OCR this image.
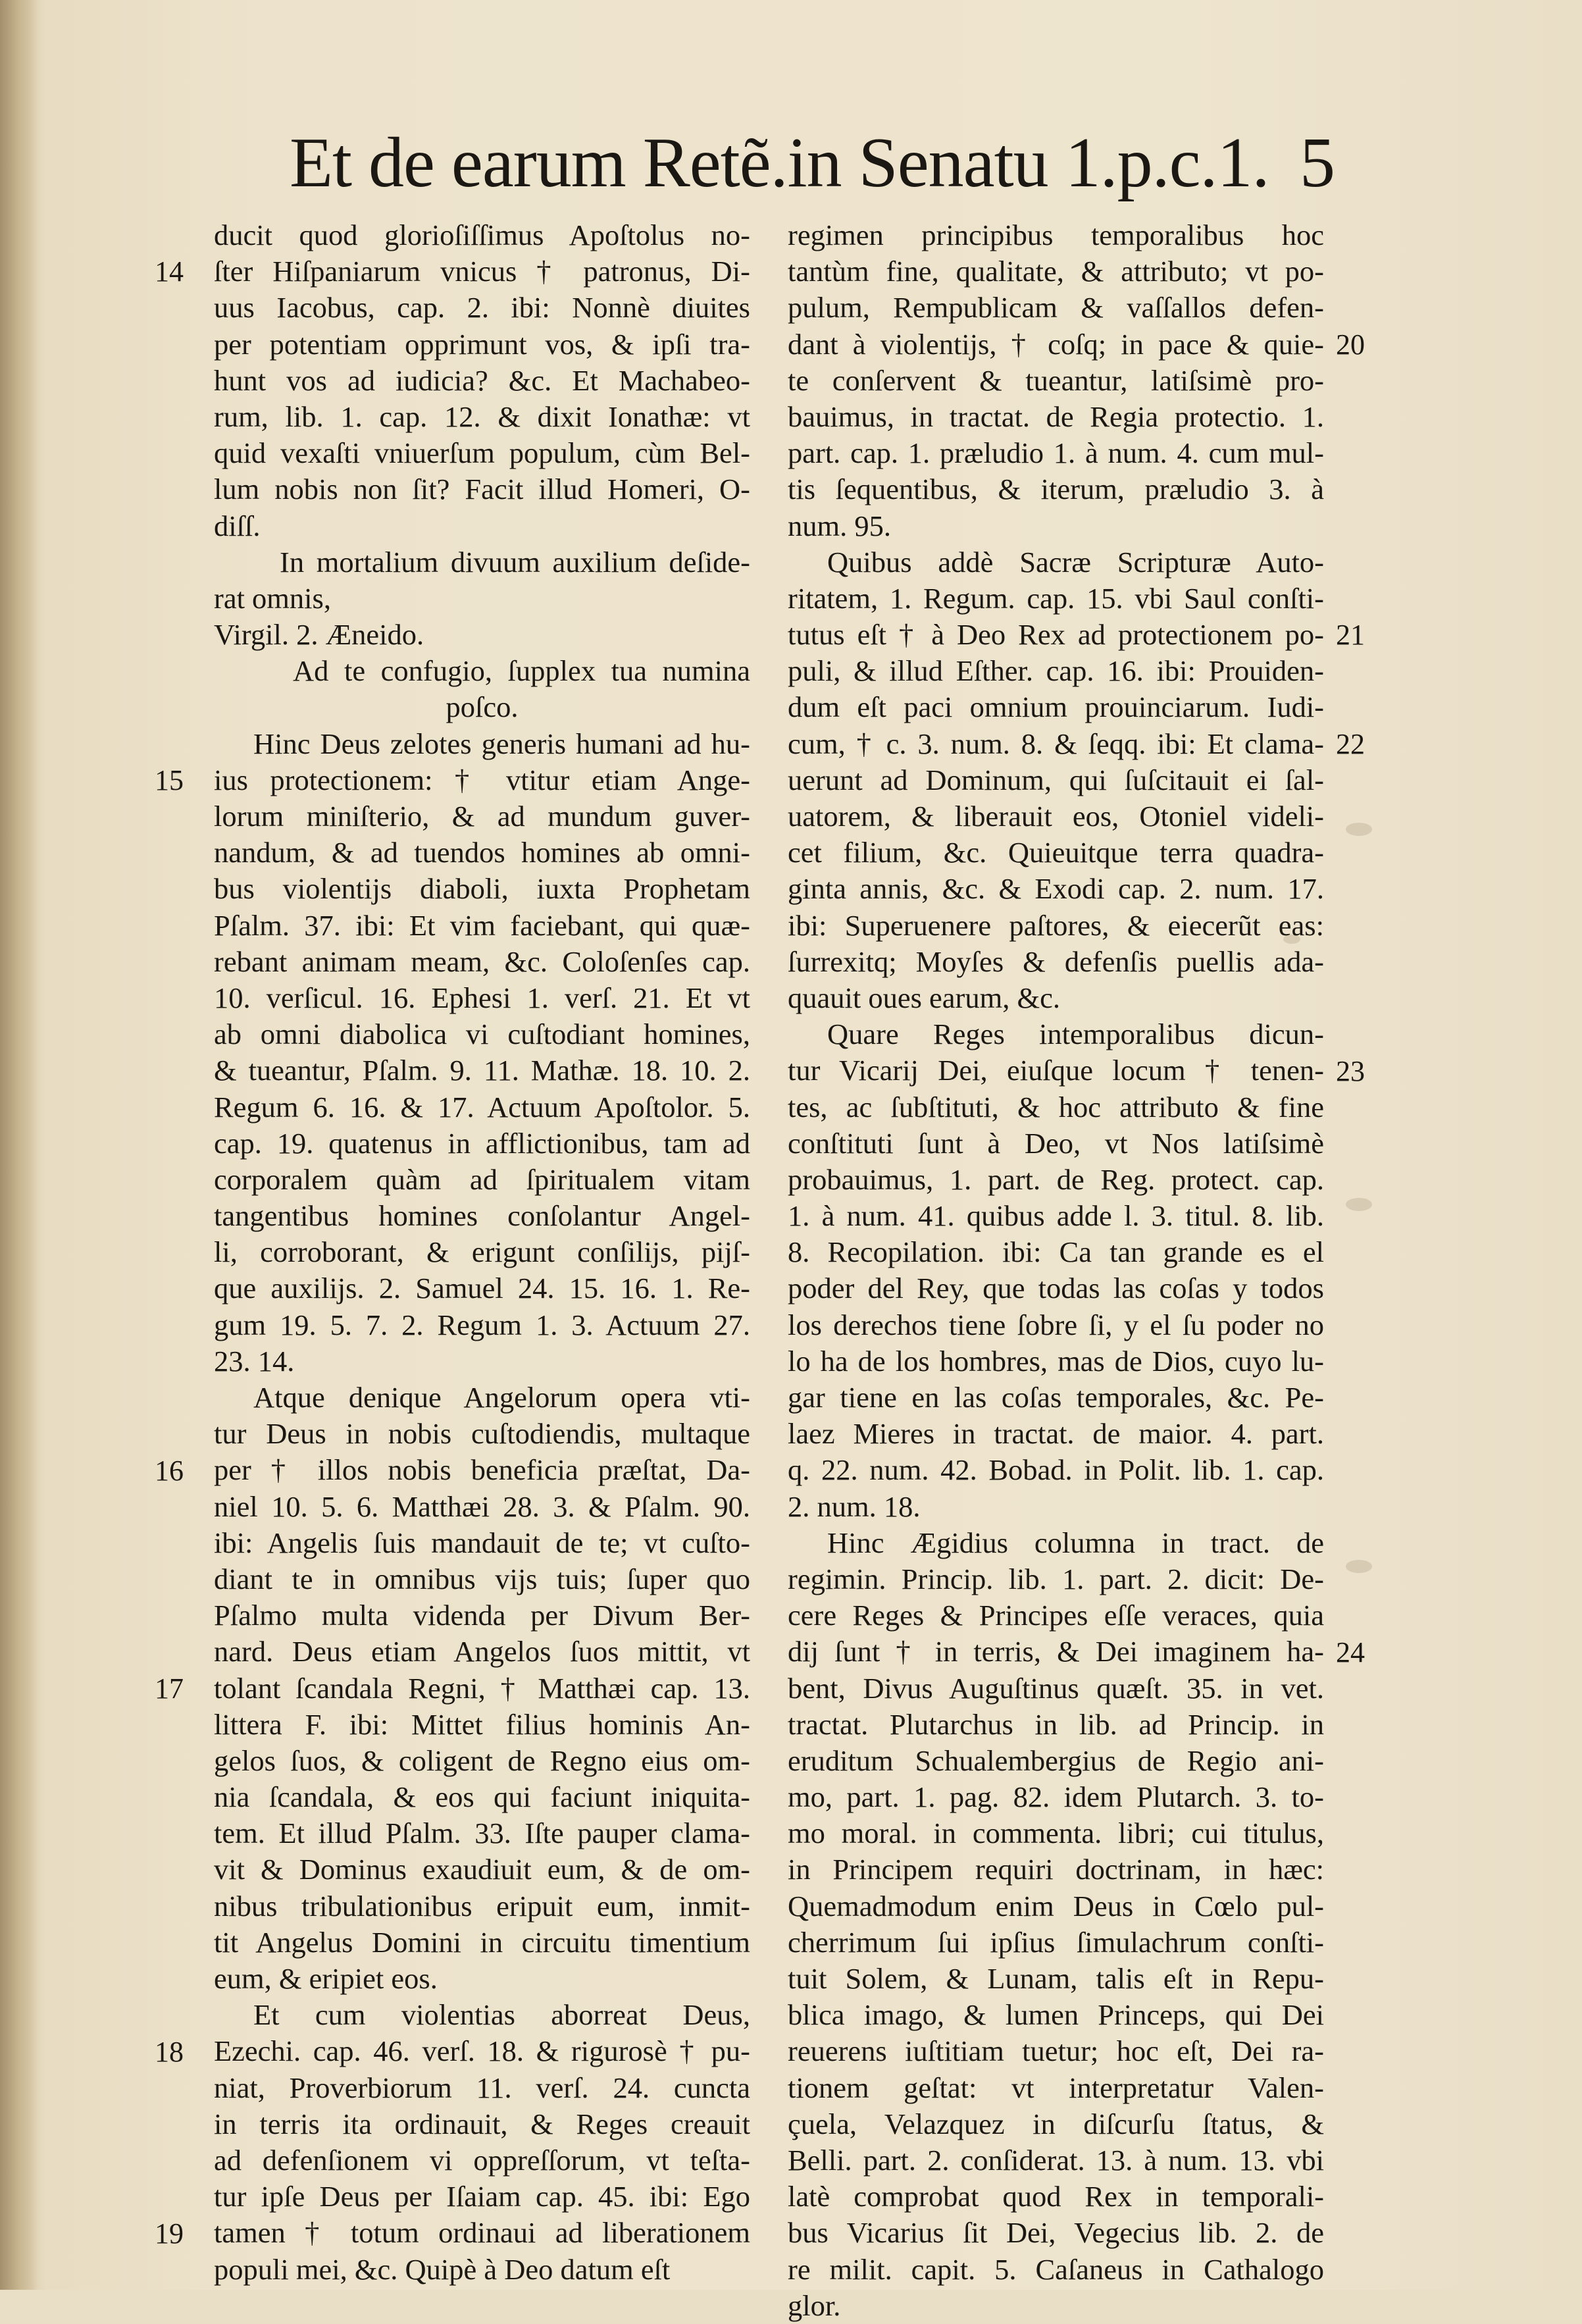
Et de earum Retẽ.in Senatu 1.p.c.1. 5
ducit quod glorioſiſſimus Apoſtolus no-
ſter Hiſpaniarum vnicus † patronus, Di-
uus Iacobus, cap. 2. ibi: Nonnè diuites
per potentiam opprimunt vos, & ipſi tra-
hunt vos ad iudicia? &c. Et Machabeo-
rum, lib. 1. cap. 12. & dixit Ionathæ: vt
quid vexaſti vniuerſum populum, cùm Bel-
lum nobis non ſit? Facit illud Homeri, O-
diſſ.
In mortalium divuum auxilium deſide-
rat omnis,
Virgil. 2. Æneido.
Ad te confugio, ſupplex tua numina
poſco.
Hinc Deus zelotes generis humani ad hu-
ius protectionem: † vtitur etiam Ange-
lorum miniſterio, & ad mundum guver-
nandum, & ad tuendos homines ab omni-
bus violentijs diaboli, iuxta Prophetam
Pſalm. 37. ibi: Et vim faciebant, qui quæ-
rebant animam meam, &c. Coloſenſes cap.
10. verſicul. 16. Ephesi 1. verſ. 21. Et vt
ab omni diabolica vi cuſtodiant homines,
& tueantur, Pſalm. 9. 11. Mathæ. 18. 10. 2.
Regum 6. 16. & 17. Actuum Apoſtolor. 5.
cap. 19. quatenus in afflictionibus, tam ad
corporalem quàm ad ſpiritualem vitam
tangentibus homines conſolantur Angel-
li, corroborant, & erigunt conſilijs, pijſ-
que auxilijs. 2. Samuel 24. 15. 16. 1. Re-
gum 19. 5. 7. 2. Regum 1. 3. Actuum 27.
23. 14.
Atque denique Angelorum opera vti-
tur Deus in nobis cuſtodiendis, multaque
per † illos nobis beneficia præſtat, Da-
niel 10. 5. 6. Matthæi 28. 3. & Pſalm. 90.
ibi: Angelis ſuis mandauit de te; vt cuſto-
diant te in omnibus vijs tuis; ſuper quo
Pſalmo multa videnda per Divum Ber-
nard. Deus etiam Angelos ſuos mittit, vt
tolant ſcandala Regni, † Matthæi cap. 13.
littera F. ibi: Mittet filius hominis An-
gelos ſuos, & coligent de Regno eius om-
nia ſcandala, & eos qui faciunt iniquita-
tem. Et illud Pſalm. 33. Iſte pauper clama-
vit & Dominus exaudiuit eum, & de om-
nibus tribulationibus eripuit eum, inmit-
tit Angelus Domini in circuitu timentium
eum, & eripiet eos.
Et cum violentias aborreat Deus,
Ezechi. cap. 46. verſ. 18. & rigurosè † pu-
niat, Proverbiorum 11. verſ. 24. cuncta
in terris ita ordinauit, & Reges creauit
ad defenſionem vi oppreſſorum, vt teſta-
tur ipſe Deus per Iſaiam cap. 45. ibi: Ego
tamen † totum ordinaui ad liberationem
populi mei, &c. Quipè à Deo datum eſt
regimen principibus temporalibus hoc
tantùm fine, qualitate, & attributo; vt po-
pulum, Rempublicam & vaſſallos defen-
dant à violentijs, † coſq; in pace & quie-
te conſervent & tueantur, latiſsimè pro-
bauimus, in tractat. de Regia protectio. 1.
part. cap. 1. præludio 1. à num. 4. cum mul-
tis ſequentibus, & iterum, præludio 3. à
num. 95.
Quibus addè Sacræ Scripturæ Auto-
ritatem, 1. Regum. cap. 15. vbi Saul conſti-
tutus eſt † à Deo Rex ad protectionem po-
puli, & illud Eſther. cap. 16. ibi: Prouiden-
dum eſt paci omnium prouinciarum. Iudi-
cum, † c. 3. num. 8. & ſeqq. ibi: Et clama-
uerunt ad Dominum, qui ſuſcitauit ei ſal-
uatorem, & liberauit eos, Otoniel videli-
cet filium, &c. Quieuitque terra quadra-
ginta annis, &c. & Exodi cap. 2. num. 17.
ibi: Superuenere paſtores, & eiecerũt eas:
ſurrexitq; Moyſes & defenſis puellis ada-
quauit oues earum, &c.
Quare Reges intemporalibus dicun-
tur Vicarij Dei, eiuſque locum † tenen-
tes, ac ſubſtituti, & hoc attributo & fine
conſtituti ſunt à Deo, vt Nos latiſsimè
probauimus, 1. part. de Reg. protect. cap.
1. à num. 41. quibus adde l. 3. titul. 8. lib.
8. Recopilation. ibi: Ca tan grande es el
poder del Rey, que todas las coſas y todos
los derechos tiene ſobre ſi, y el ſu poder no
lo ha de los hombres, mas de Dios, cuyo lu-
gar tiene en las coſas temporales, &c. Pe-
laez Mieres in tractat. de maior. 4. part.
q. 22. num. 42. Bobad. in Polit. lib. 1. cap.
2. num. 18.
Hinc Ægidius columna in tract. de
regimin. Princip. lib. 1. part. 2. dicit: De-
cere Reges & Principes eſſe veraces, quia
dij ſunt † in terris, & Dei imaginem ha-
bent, Divus Auguſtinus quæſt. 35. in vet.
tractat. Plutarchus in lib. ad Princip. in
eruditum Schualembergius de Regio ani-
mo, part. 1. pag. 82. idem Plutarch. 3. to-
mo moral. in commenta. libri; cui titulus,
in Principem requiri doctrinam, in hæc:
Quemadmodum enim Deus in Cœlo pul-
cherrimum ſui ipſius ſimulachrum conſti-
tuit Solem, & Lunam, talis eſt in Repu-
blica imago, & lumen Princeps, qui Dei
reuerens iuſtitiam tuetur; hoc eſt, Dei ra-
tionem geſtat: vt interpretatur Valen-
çuela, Velazquez in diſcurſu ſtatus, &
Belli. part. 2. conſiderat. 13. à num. 13. vbi
latè comprobat quod Rex in temporali-
bus Vicarius ſit Dei, Vegecius lib. 2. de
re milit. capit. 5. Caſaneus in Cathalogo
glor.
14
15
16
17
18
19
20
21
22
23
24
